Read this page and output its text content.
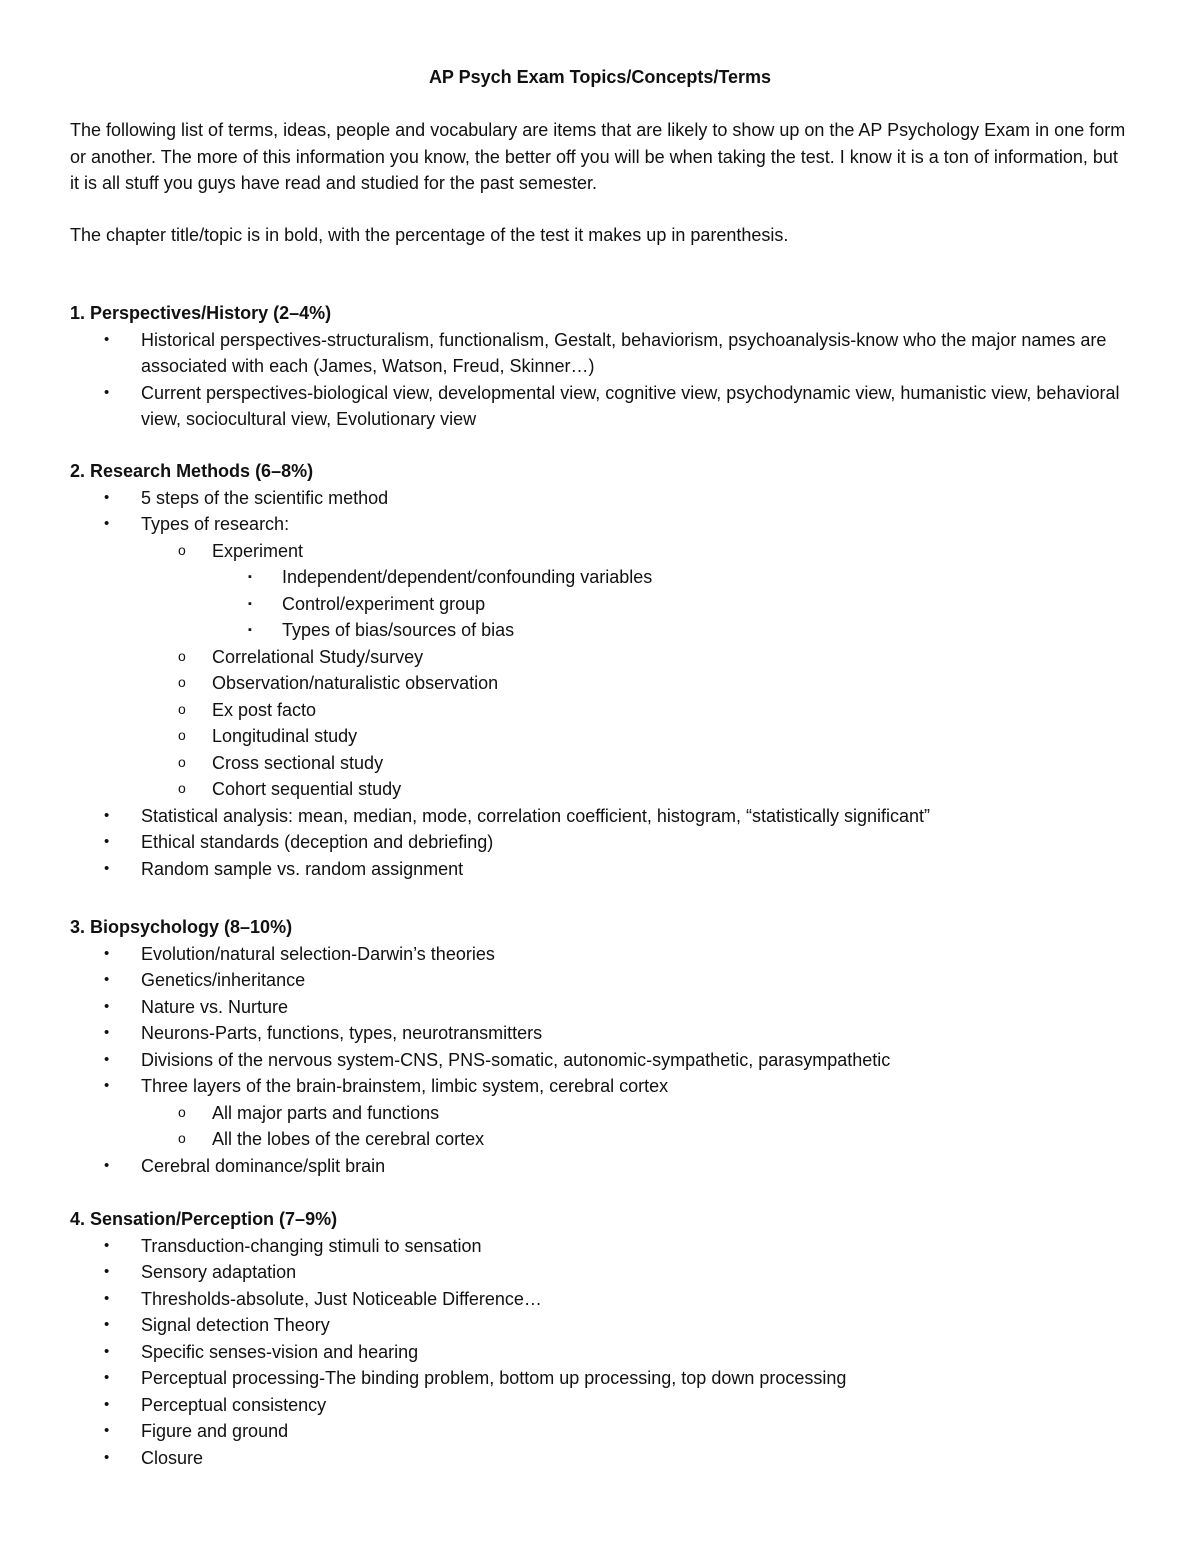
AP Psych Exam Topics/Concepts/Terms

The following list of terms, ideas, people and vocabulary are items that are likely to show up on the AP Psychology Exam in one form or another. The more of this information you know, the better off you will be when taking the test. I know it is a ton of information, but it is all stuff you guys have read and studied for the past semester.

The chapter title/topic is in bold, with the percentage of the test it makes up in parenthesis.

1. Perspectives/History (2–4%)

• Historical perspectives-structuralism, functionalism, Gestalt, behaviorism, psychoanalysis-know who the major names are associated with each (James, Watson, Freud, Skinner…)
• Current perspectives-biological view, developmental view, cognitive view, psychodynamic view, humanistic view, behavioral view, sociocultural view, Evolutionary view

2. Research Methods (6–8%)

• 5 steps of the scientific method
• Types of research:
o Experiment
▪ Independent/dependent/confounding variables
▪ Control/experiment group
▪ Types of bias/sources of bias
o Correlational Study/survey
o Observation/naturalistic observation
o Ex post facto
o Longitudinal study
o Cross sectional study
o Cohort sequential study
• Statistical analysis: mean, median, mode, correlation coefficient, histogram, “statistically significant”
• Ethical standards (deception and debriefing)
• Random sample vs. random assignment

3. Biopsychology (8–10%)

• Evolution/natural selection-Darwin’s theories
• Genetics/inheritance
• Nature vs. Nurture
• Neurons-Parts, functions, types, neurotransmitters
• Divisions of the nervous system-CNS, PNS-somatic, autonomic-sympathetic, parasympathetic
• Three layers of the brain-brainstem, limbic system, cerebral cortex
o All major parts and functions
o All the lobes of the cerebral cortex
• Cerebral dominance/split brain

4. Sensation/Perception (7–9%)

• Transduction-changing stimuli to sensation
• Sensory adaptation
• Thresholds-absolute, Just Noticeable Difference…
• Signal detection Theory
• Specific senses-vision and hearing
• Perceptual processing-The binding problem, bottom up processing, top down processing
• Perceptual consistency
• Figure and ground
• Closure
